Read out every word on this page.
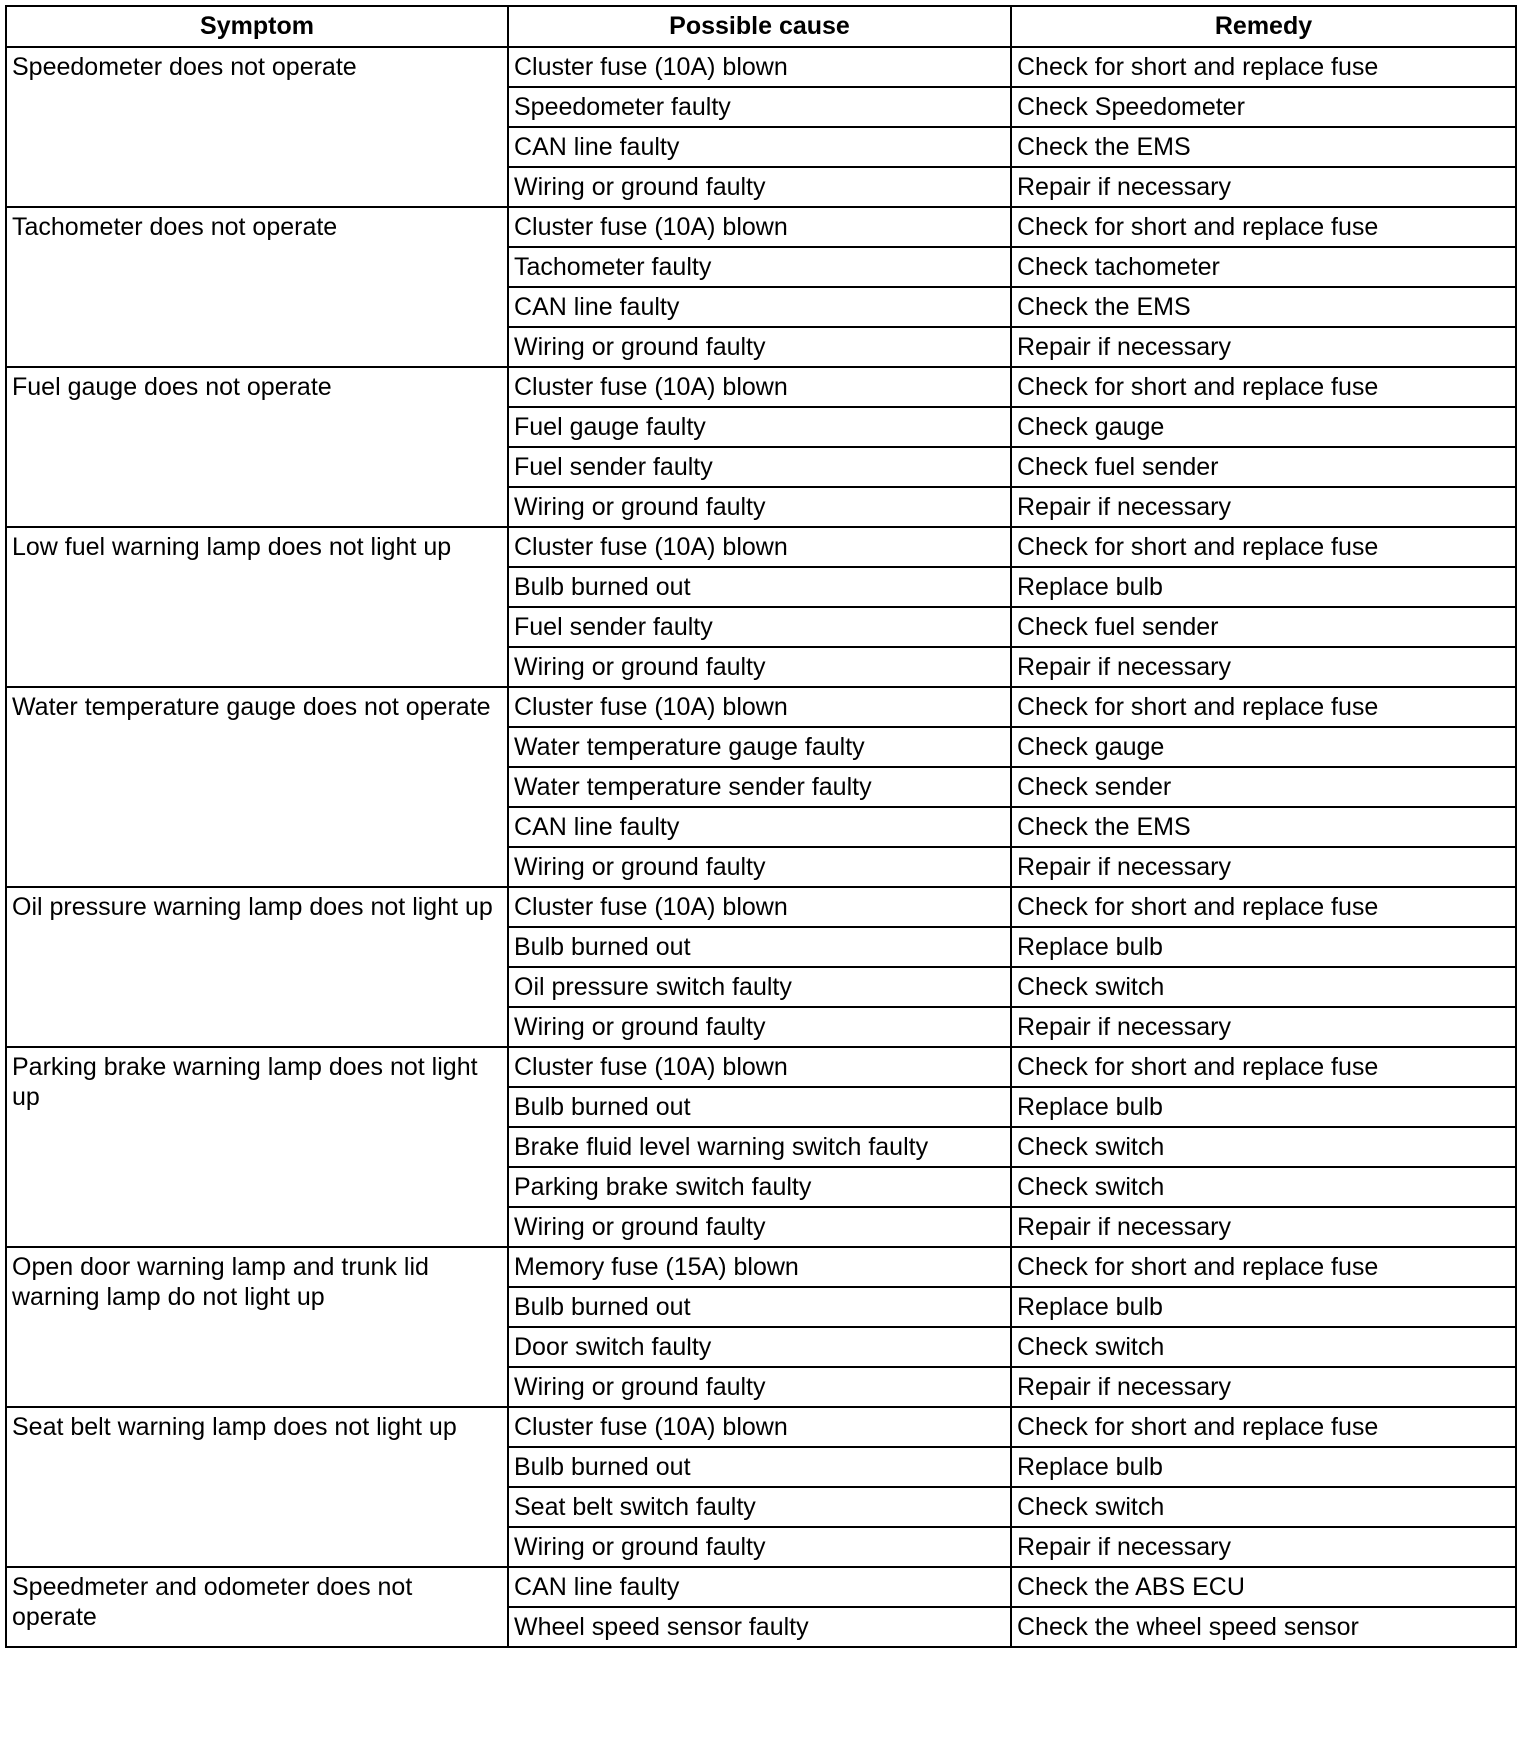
Symptom	Possible cause	Remedy
Speedometer does not operate	Cluster fuse (10A) blown	Check for short and replace fuse
	Speedometer faulty	Check Speedometer
	CAN line faulty	Check the EMS
	Wiring or ground faulty	Repair if necessary
Tachometer does not operate	Cluster fuse (10A) blown	Check for short and replace fuse
	Tachometer faulty	Check tachometer
	CAN line faulty	Check the EMS
	Wiring or ground faulty	Repair if necessary
Fuel gauge does not operate	Cluster fuse (10A) blown	Check for short and replace fuse
	Fuel gauge faulty	Check gauge
	Fuel sender faulty	Check fuel sender
	Wiring or ground faulty	Repair if necessary
Low fuel warning lamp does not light up	Cluster fuse (10A) blown	Check for short and replace fuse
	Bulb burned out	Replace bulb
	Fuel sender faulty	Check fuel sender
	Wiring or ground faulty	Repair if necessary
Water temperature gauge does not operate	Cluster fuse (10A) blown	Check for short and replace fuse
	Water temperature gauge faulty	Check gauge
	Water temperature sender faulty	Check sender
	CAN line faulty	Check the EMS
	Wiring or ground faulty	Repair if necessary
Oil pressure warning lamp does not light up	Cluster fuse (10A) blown	Check for short and replace fuse
	Bulb burned out	Replace bulb
	Oil pressure switch faulty	Check switch
	Wiring or ground faulty	Repair if necessary
Parking brake warning lamp does not light up	Cluster fuse (10A) blown	Check for short and replace fuse
	Bulb burned out	Replace bulb
	Brake fluid level warning switch faulty	Check switch
	Parking brake switch faulty	Check switch
	Wiring or ground faulty	Repair if necessary
Open door warning lamp and trunk lid warning lamp do not light up	Memory fuse (15A) blown	Check for short and replace fuse
	Bulb burned out	Replace bulb
	Door switch faulty	Check switch
	Wiring or ground faulty	Repair if necessary
Seat belt warning lamp does not light up	Cluster fuse (10A) blown	Check for short and replace fuse
	Bulb burned out	Replace bulb
	Seat belt switch faulty	Check switch
	Wiring or ground faulty	Repair if necessary
Speedmeter and odometer does not operate	CAN line faulty	Check the ABS ECU
	Wheel speed sensor faulty	Check the wheel speed sensor
